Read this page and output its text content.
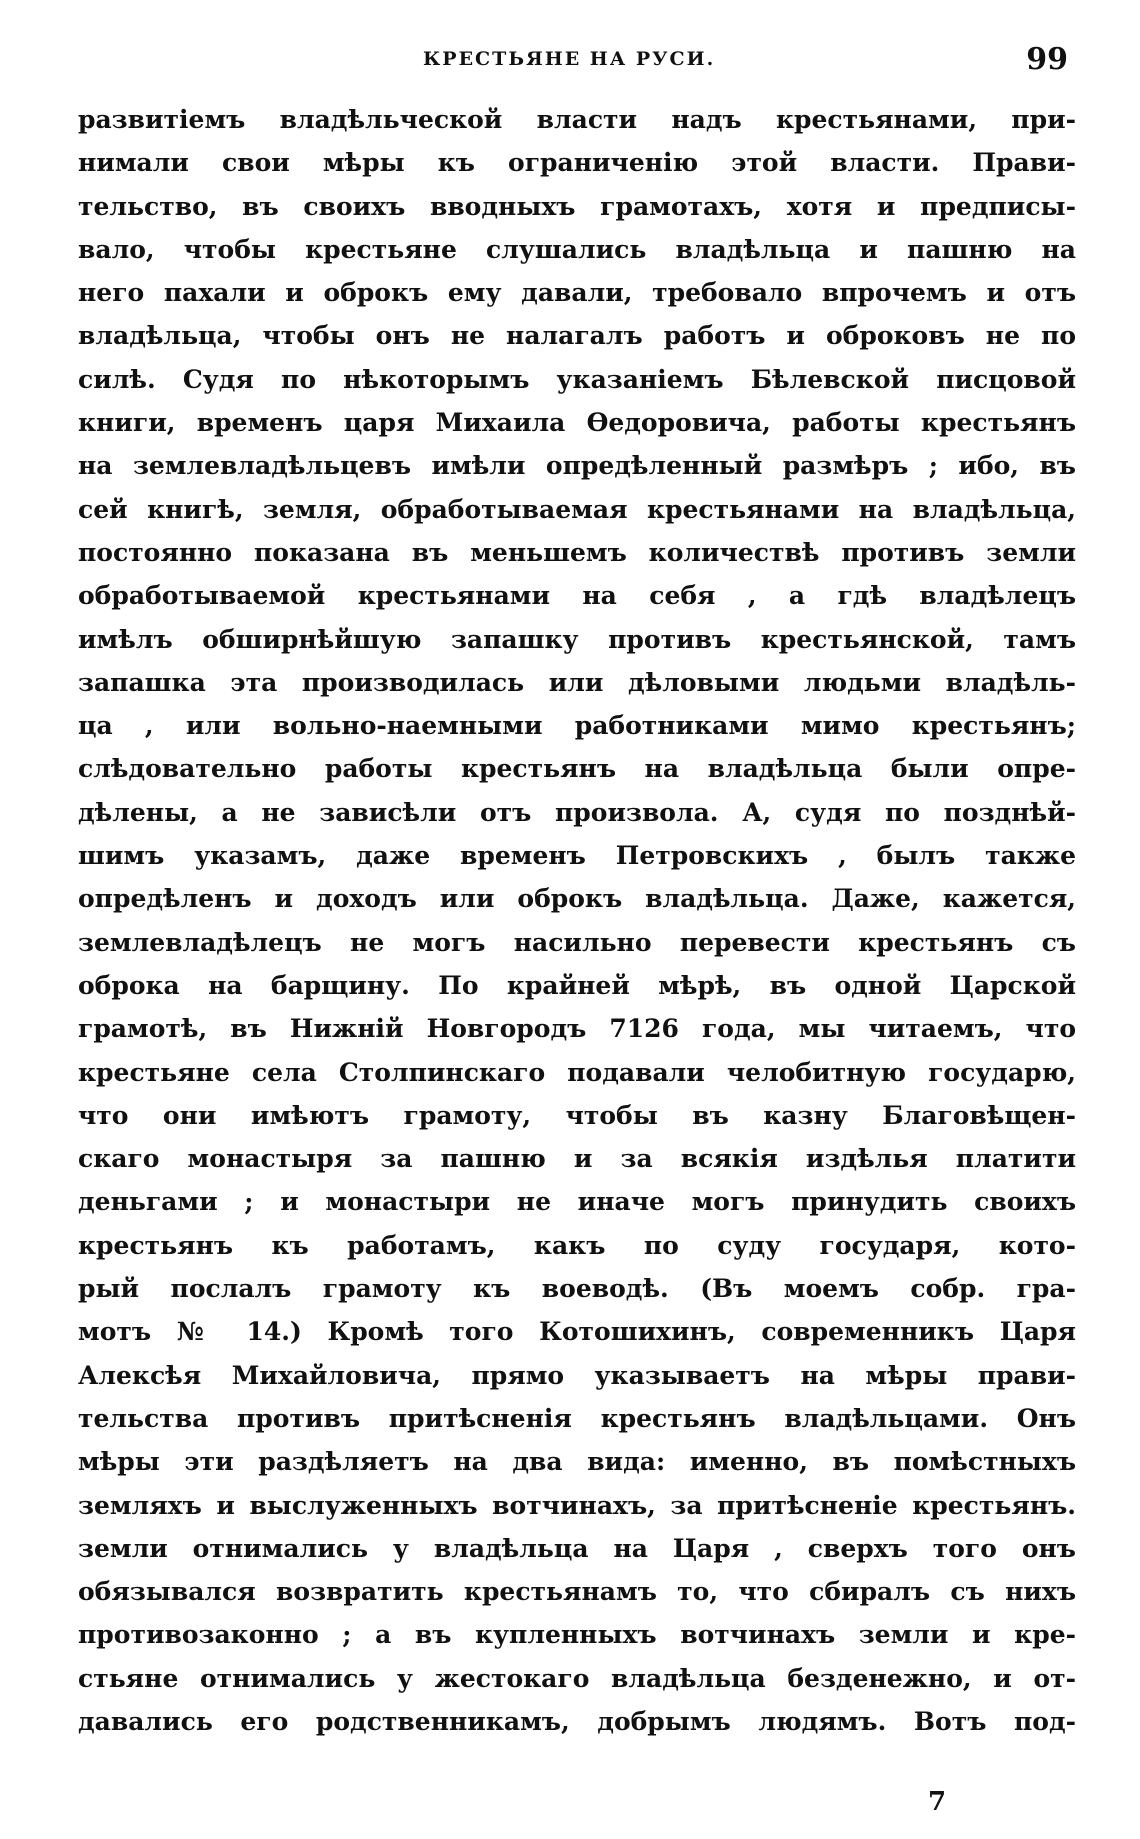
КРЕСТЬЯНЕ НА РУСИ.	99
развитіемъ владѣльческой власти надъ крестьянами, при-
нимали свои мѣры къ ограниченію этой власти. Прави-
тельство, въ своихъ вводныхъ грамотахъ, хотя и предписы-
вало, чтобы крестьяне слушались владѣльца и пашню на
него пахали и оброкъ ему давали, требовало впрочемъ и отъ
владѣльца, чтобы онъ не налагалъ работъ и оброковъ не по
силѣ. Судя по нѣкоторымъ указаніемъ Бѣлевской писцовой
книги, временъ царя Михаила Ѳедоровича, работы крестьянъ
на землевладѣльцевъ имѣли опредѣленный размѣръ ; ибо, въ
сей книгѣ, земля, обработываемая крестьянами на владѣльца,
постоянно показана въ меньшемъ количествѣ противъ земли
обработываемой крестьянами на себя , а гдѣ владѣлецъ
имѣлъ обширнѣйшую запашку противъ крестьянской, тамъ
запашка эта производилась или дѣловыми людьми владѣль-
ца , или вольно-наемными работниками мимо крестьянъ;
слѣдовательно работы крестьянъ на владѣльца были опре-
дѣлены, а не зависѣли отъ произвола. А, судя по позднѣй-
шимъ указамъ, даже временъ Петровскихъ , былъ также
опредѣленъ и доходъ или оброкъ владѣльца. Даже, кажется,
землевладѣлецъ не могъ насильно перевести крестьянъ съ
оброка на барщину. По крайней мѣрѣ, въ одной Царской
грамотѣ, въ Нижній Новгородъ 7126 года, мы читаемъ, что
крестьяне села Столпинскаго подавали челобитную государю,
что они имѣютъ грамоту, чтобы въ казну Благовѣщен-
скаго монастыря за пашню и за всякія издѣлья платити
деньгами ; и монастыри не иначе могъ принудить своихъ
крестьянъ къ работамъ, какъ по суду государя, кото-
рый послалъ грамоту къ воеводѣ. (Въ моемъ собр. гра-
мотъ № 14.) Кромѣ того Котошихинъ, современникъ Царя
Алексѣя Михайловича, прямо указываетъ на мѣры прави-
тельства противъ притѣсненія крестьянъ владѣльцами. Онъ
мѣры эти раздѣляетъ на два вида: именно, въ помѣстныхъ
земляхъ и выслуженныхъ вотчинахъ, за притѣсненіе крестьянъ.
земли отнимались у владѣльца на Царя , сверхъ того онъ
обязывался возвратить крестьянамъ то, что сбиралъ съ нихъ
противозаконно ; а въ купленныхъ вотчинахъ земли и кре-
стьяне отнимались у жестокаго владѣльца безденежно, и от-
давались его родственникамъ, добрымъ людямъ. Вотъ под-
7
